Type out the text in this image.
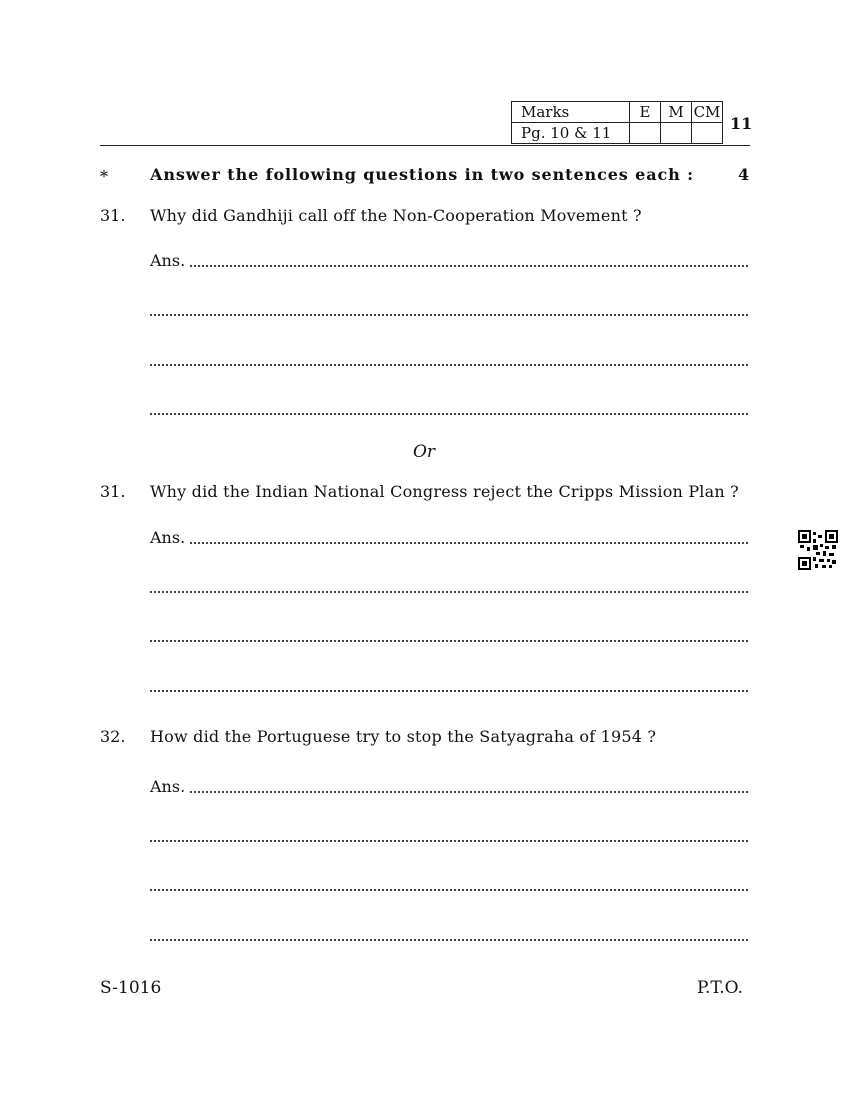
Marks	E	M	CM
Pg. 10 & 11				11
*	Answer the following questions in two sentences each :	4
31. Why did Gandhiji call off the Non-Cooperation Movement ?
Ans.
Or
31. Why did the Indian National Congress reject the Cripps Mission Plan ?
Ans.
32. How did the Portuguese try to stop the Satyagraha of 1954 ?
Ans.
S-1016	P.T.O.
